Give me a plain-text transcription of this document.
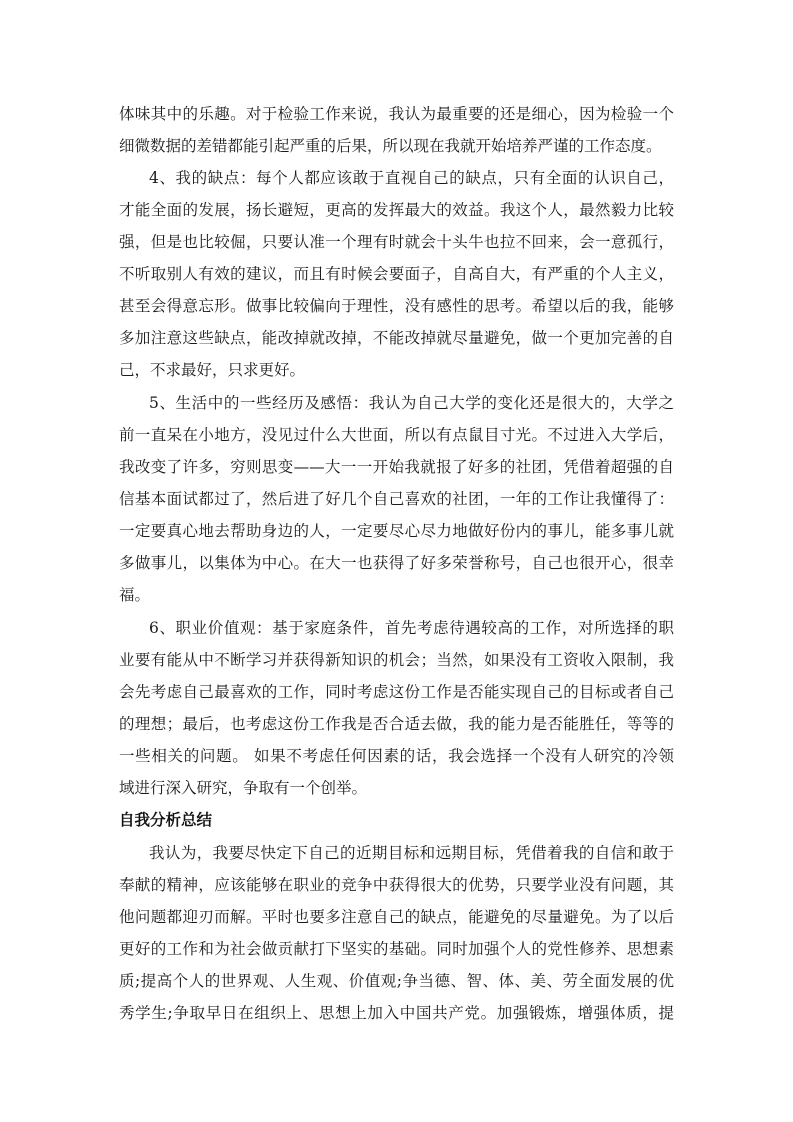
体味其中的乐趣。对于检验工作来说，我认为最重要的还是细心，因为检验一个
细微数据的差错都能引起严重的后果，所以现在我就开始培养严谨的工作态度。
4、我的缺点：每个人都应该敢于直视自己的缺点，只有全面的认识自己，
才能全面的发展，扬长避短，更高的发挥最大的效益。我这个人，最然毅力比较
强，但是也比较倔，只要认准一个理有时就会十头牛也拉不回来，会一意孤行，
不听取别人有效的建议，而且有时候会要面子，自高自大，有严重的个人主义，
甚至会得意忘形。做事比较偏向于理性，没有感性的思考。希望以后的我，能够
多加注意这些缺点，能改掉就改掉，不能改掉就尽量避免，做一个更加完善的自
己，不求最好，只求更好。
5、生活中的一些经历及感悟：我认为自己大学的变化还是很大的，大学之
前一直呆在小地方，没见过什么大世面，所以有点鼠目寸光。不过进入大学后，
我改变了许多，穷则思变——大一一开始我就报了好多的社团，凭借着超强的自
信基本面试都过了，然后进了好几个自己喜欢的社团，一年的工作让我懂得了：
一定要真心地去帮助身边的人，一定要尽心尽力地做好份内的事儿，能多事儿就
多做事儿，以集体为中心。在大一也获得了好多荣誉称号，自己也很开心，很幸
福。
6、职业价值观：基于家庭条件，首先考虑待遇较高的工作，对所选择的职
业要有能从中不断学习并获得新知识的机会；当然，如果没有工资收入限制，我
会先考虑自己最喜欢的工作，同时考虑这份工作是否能实现自己的目标或者自己
的理想；最后，也考虑这份工作我是否合适去做，我的能力是否能胜任，等等的
一些相关的问题。 如果不考虑任何因素的话，我会选择一个没有人研究的冷领
域进行深入研究，争取有一个创举。
自我分析总结
我认为，我要尽快定下自己的近期目标和远期目标，凭借着我的自信和敢于
奉献的精神，应该能够在职业的竞争中获得很大的优势，只要学业没有问题，其
他问题都迎刃而解。平时也要多注意自己的缺点，能避免的尽量避免。为了以后
更好的工作和为社会做贡献打下坚实的基础。同时加强个人的党性修养、思想素
质;提高个人的世界观、人生观、价值观;争当德、智、体、美、劳全面发展的优
秀学生;争取早日在组织上、思想上加入中国共产党。加强锻炼，增强体质，提
